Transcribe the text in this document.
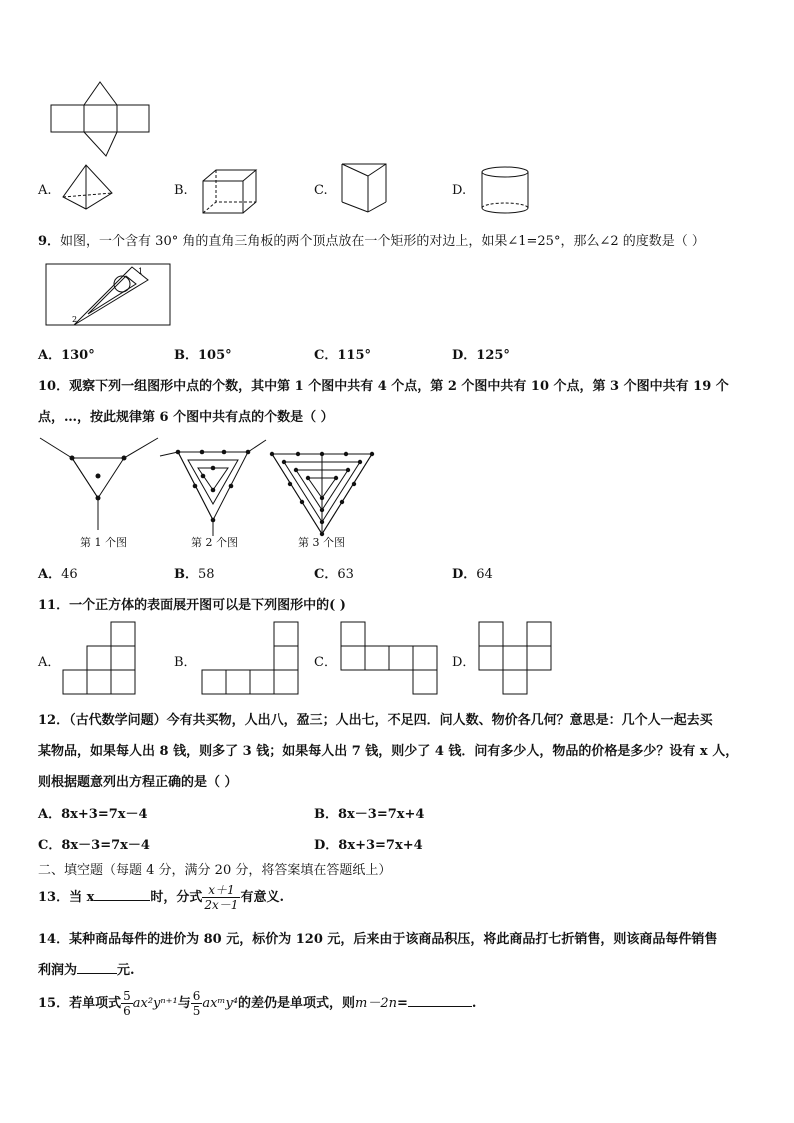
A.	B.	C.	D.
9．如图，一个含有 30° 角的直角三角板的两个顶点放在一个矩形的对边上，如果∠1=25°，那么∠2 的度数是（ ）
1
2
A．130°	B．105°	C．115°	D．125°
10．观察下列一组图形中点的个数，其中第 1 个图中共有 4 个点，第 2 个图中共有 10 个点，第 3 个图中共有 19 个
点，…，按此规律第 6 个图中共有点的个数是（ ）
第 1 个图	第 2 个图	第 3 个图
A．46	B．58	C．63	D．64
11．一个正方体的表面展开图可以是下列图形中的( )
A．	B．	C．	D．
12．（古代数学问题）今有共买物，人出八，盈三；人出七，不足四．问人数、物价各几何？意思是：几个人一起去买
某物品，如果每人出 8 钱，则多了 3 钱；如果每人出 7 钱，则少了 4 钱．问有多少人，物品的价格是多少？设有 x 人，
则根据题意列出方程正确的是（ ）
A．8x+3=7x－4	B．8x－3=7x+4
C．8x－3=7x－4	D．8x+3=7x+4
二、填空题（每题 4 分，满分 20 分，将答案填在答题纸上）
13．当 x	时，分式 $\frac{x+1}{2x-1}$ 有意义.
14．某种商品每件的进价为 80 元，标价为 120 元，后来由于该商品积压，将此商品打七折销售，则该商品每件销售
利润为	元.
15．若单项式 $\frac{5}{6} ax^2y^{n+1}$与 $\frac{6}{5}$ axᵐy⁴的差仍是单项式，则m－2n=	.
